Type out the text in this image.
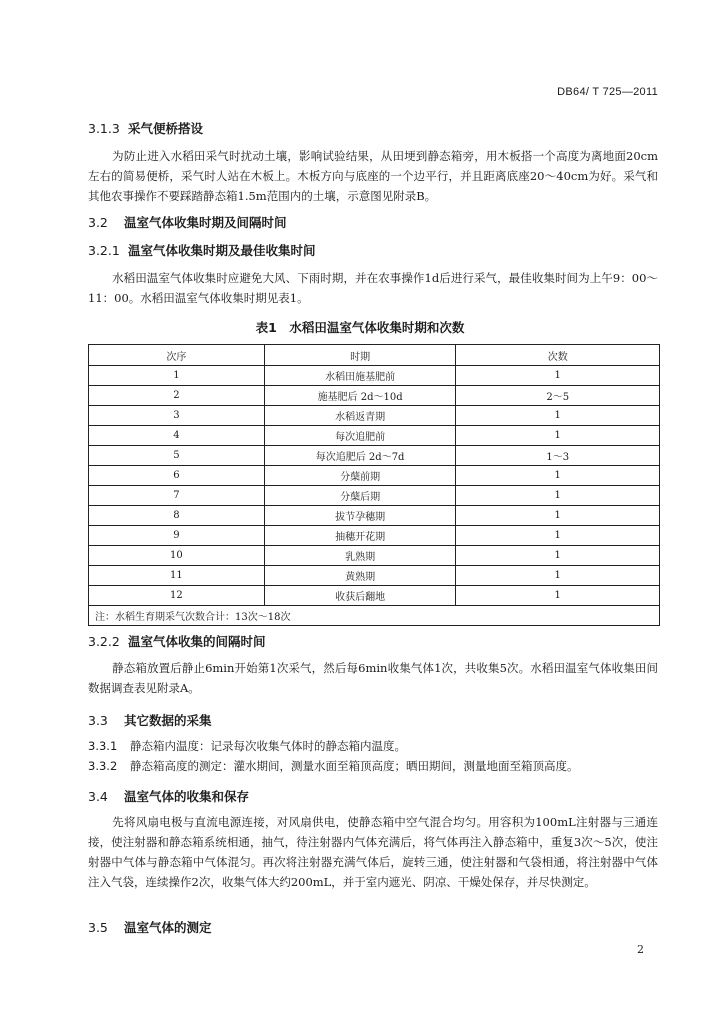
DB64/ T 725—2011
3.1.3 采气便桥搭设
为防止进入水稻田采气时扰动土壤，影响试验结果，从田埂到静态箱旁，用木板搭一个高度为离地面20cm左右的简易便桥，采气时人站在木板上。木板方向与底座的一个边平行，并且距离底座20～40cm为好。采气和其他农事操作不要踩踏静态箱1.5m范围内的土壤，示意图见附录B。
3.2 温室气体收集时期及间隔时间
3.2.1 温室气体收集时期及最佳收集时间
水稻田温室气体收集时应避免大风、下雨时期，并在农事操作1d后进行采气，最佳收集时间为上午9：00～11：00。水稻田温室气体收集时期见表1。
表1　水稻田温室气体收集时期和次数
次序	时期	次数
1	水稻田施基肥前	1
2	施基肥后 2d～10d	2～5
3	水稻返青期	1
4	每次追肥前	1
5	每次追肥后 2d～7d	1～3
6	分蘖前期	1
7	分蘖后期	1
8	拔节孕穗期	1
9	抽穗开花期	1
10	乳熟期	1
11	黄熟期	1
12	收获后翻地	1
注：水稻生育期采气次数合计：13次～18次		
3.2.2 温室气体收集的间隔时间
静态箱放置后静止6min开始第1次采气，然后每6min收集气体1次，共收集5次。水稻田温室气体收集田间数据调查表见附录A。
3.3 其它数据的采集
3.3.1 静态箱内温度：记录每次收集气体时的静态箱内温度。
3.3.2 静态箱高度的测定：灌水期间，测量水面至箱顶高度；晒田期间，测量地面至箱顶高度。
3.4 温室气体的收集和保存
先将风扇电极与直流电源连接，对风扇供电，使静态箱中空气混合均匀。用容积为100mL注射器与三通连接，使注射器和静态箱系统相通，抽气，待注射器内气体充满后，将气体再注入静态箱中，重复3次～5次，使注射器中气体与静态箱中气体混匀。再次将注射器充满气体后，旋转三通，使注射器和气袋相通，将注射器中气体注入气袋，连续操作2次，收集气体大约200mL，并于室内遮光、阴凉、干燥处保存，并尽快测定。
3.5 温室气体的测定
2
